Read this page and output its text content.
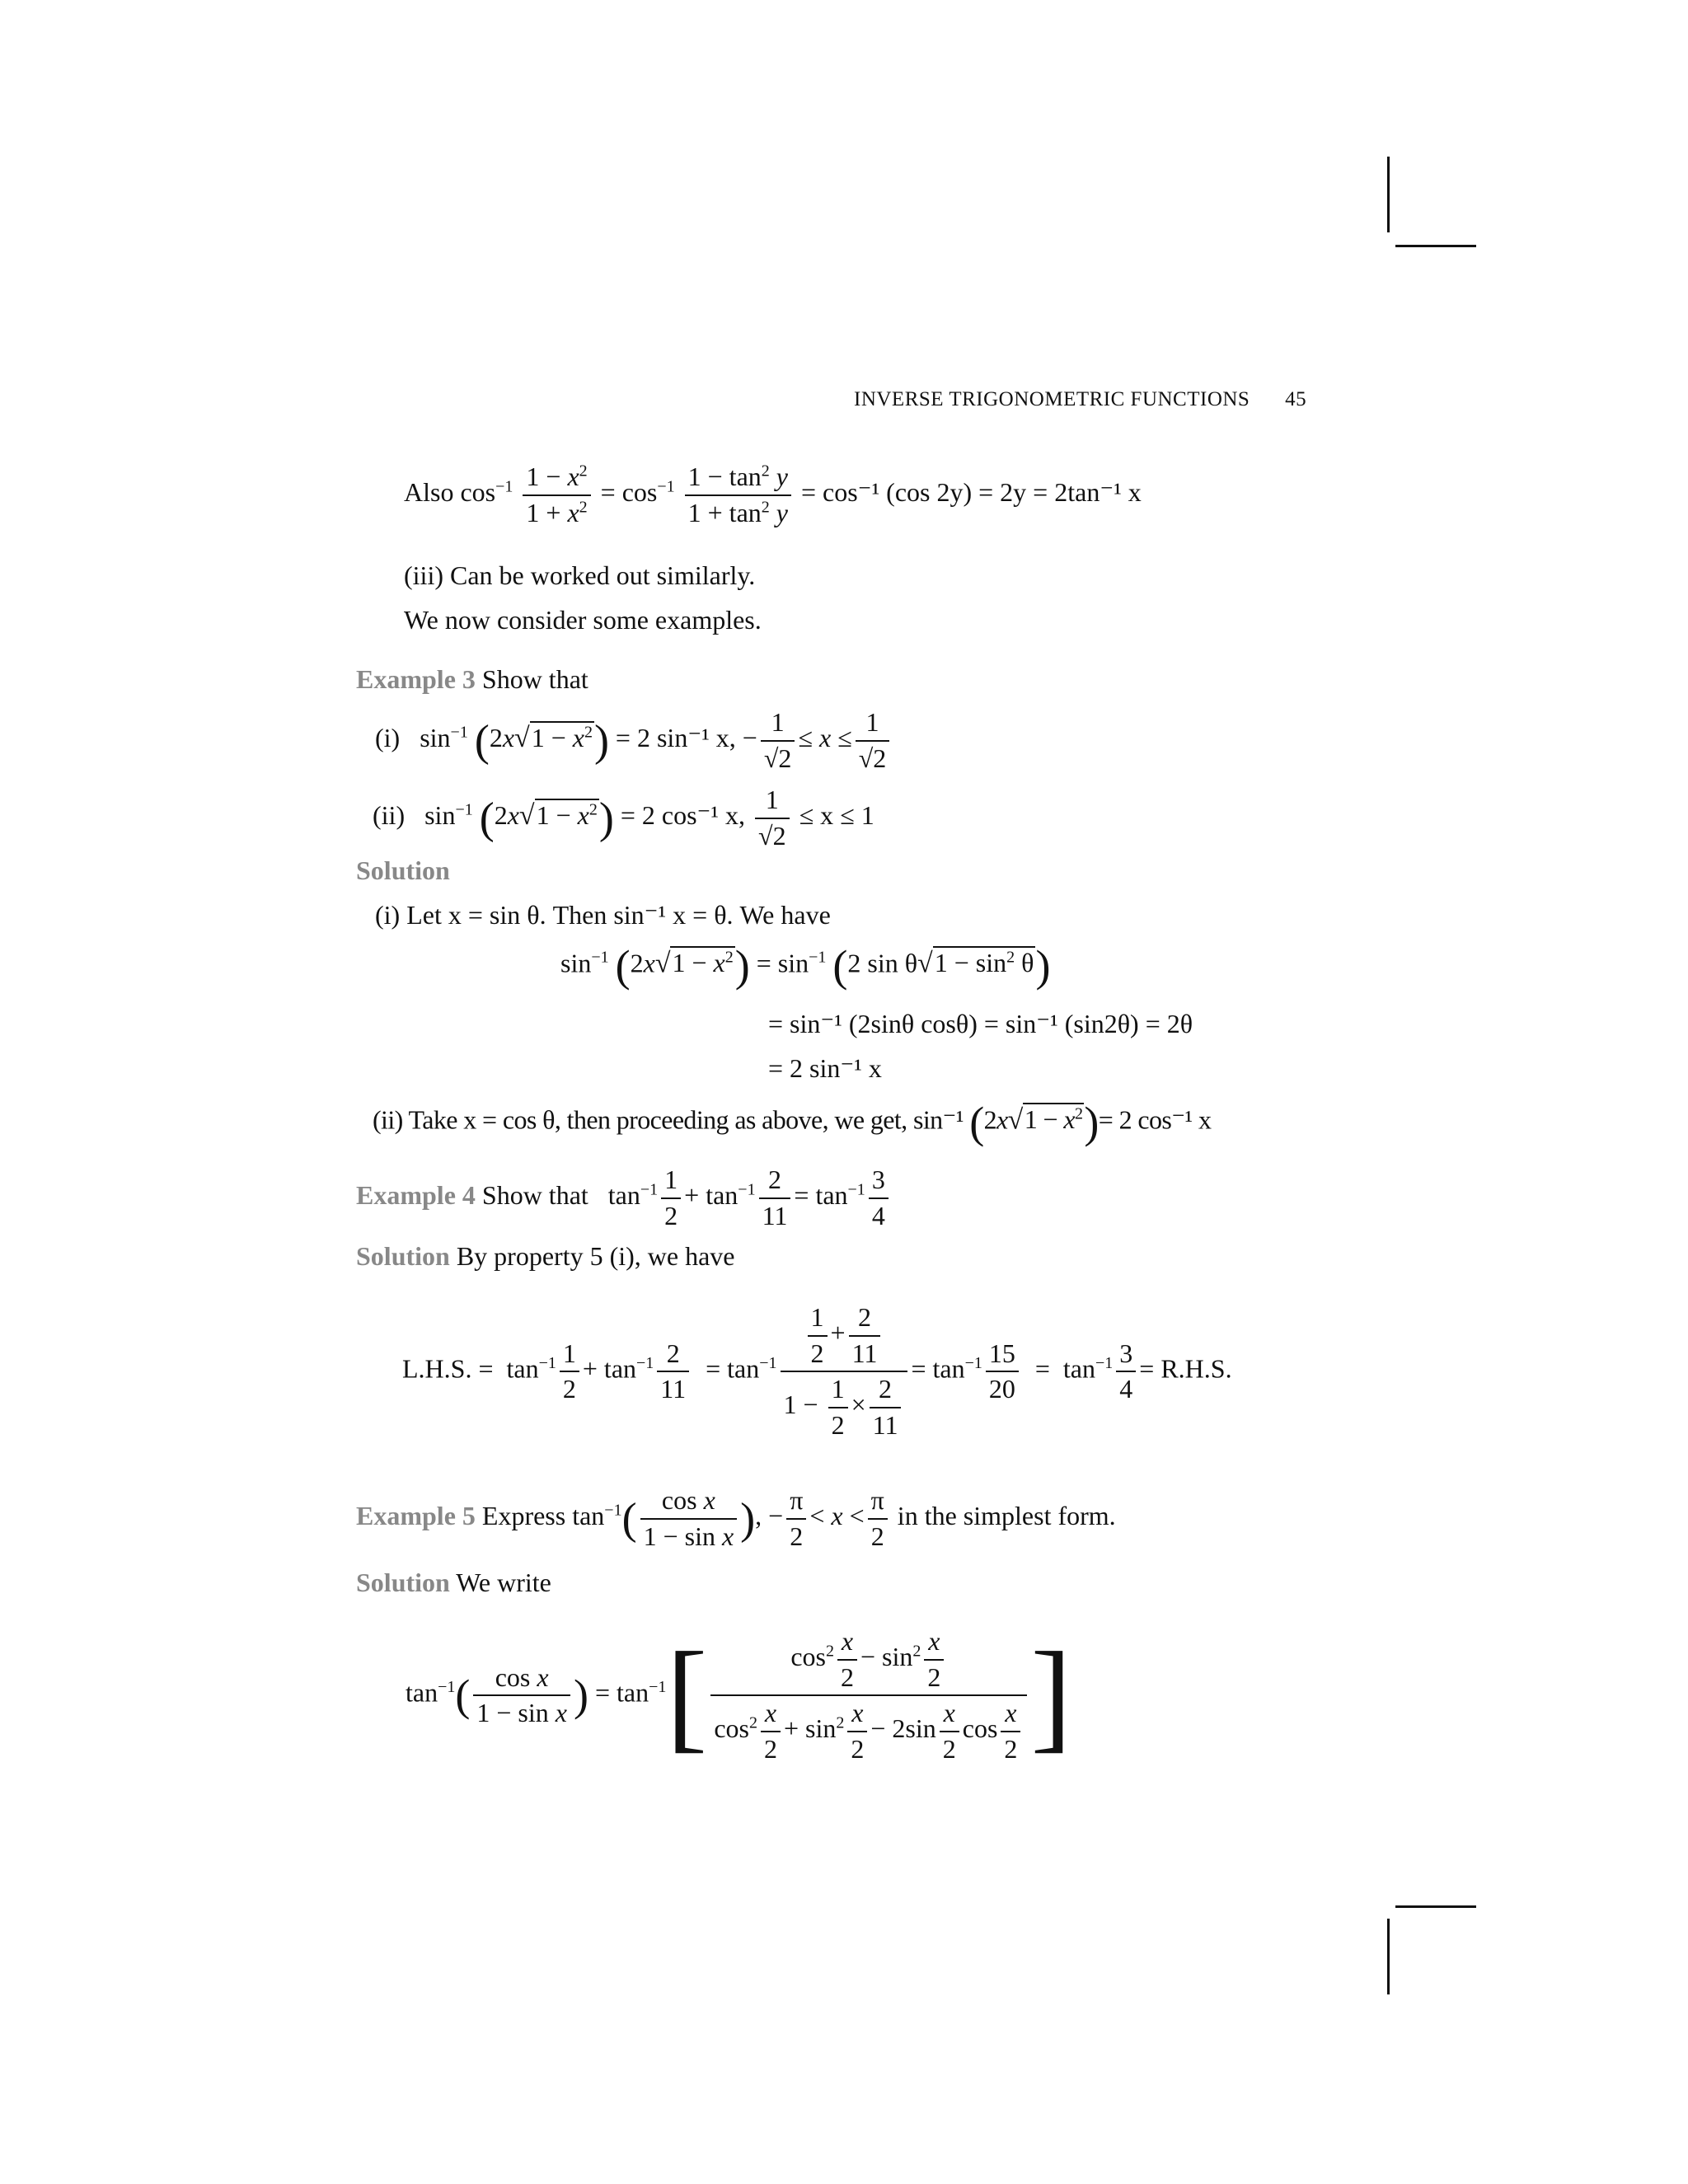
INVERSE TRIGONOMETRIC FUNCTIONS 45
Also $\cos^{-1} \frac{1 - x^2}{1 + x^2} = \cos^{-1} \frac{1 - \tan^2 y}{1 + \tan^2 y} = \cos^{-1}$ (cos 2y) = 2y = 2tan⁻¹ x
(iii) Can be worked out similarly.
We now consider some examples.
Example 3 Show that
(i)   $\sin^{-1} (2x√1 - x^2) = 2$ sin⁻¹ x, − $\frac{1}{√2} \le x \le \frac{1}{√2}$
(ii)   $\sin^{-1} (2x√1 - x^2) = 2$ cos⁻¹ x, $\frac{1}{√2} \le x \le 1$
Solution
(i) Let x = sin θ. Then sin⁻¹ x = θ. We have
$\sin^{-1} (2x√1 - x^2) = \sin^{-1} (2$ $\sin \theta√1 - \sin^2 \theta$)
= sin⁻¹ (2sinθ cosθ) = sin⁻¹ (sin2θ) = 2θ
= 2 sin⁻¹ x
(ii) Take x = cos θ, then proceeding as above, we get, sin⁻¹ $(2x√1 - x^2)= 2$ cos⁻¹ x
Example 4 Show that   $\tan^{-1} \frac{1}{2} + \tan^{-1} \frac{2}{11} = \tan^{-1} \frac{3}{4}$
Solution By property 5 (i), we have
L.H.S. =  $\tan^{-1} \frac{1}{2} + \tan^{-1} \frac{2}{11} = \tan^{-1} \frac{\frac{1}{2} + \frac{2}{11}}{1 - \frac{1}{2} \times \frac{2}{11}} = \tan^{-1} \frac{15}{20} = \tan^{-1} \frac{3}{4} = R.H.S$.
Example 5 Express $\tan^{-1}( \frac{\text{cos x}}{\text{1 − sin x}}$ ), − $\frac{\pi}{2} < x < \frac{\pi}{2}$ in the simplest form.
Solution We write
$\tan^{-1}( \frac{\text{cos x}}{\text{1 − sin x}}$ ) = $\tan^{-1}[ \frac{\cos^2 \frac{x}{2} - \sin^2 \frac{x}{2}}{\cos^2 \frac{x}{2} + \sin^2 \frac{x}{2} - 2\sin \frac{x}{2} \cos \frac{x}{2}}$ ]
